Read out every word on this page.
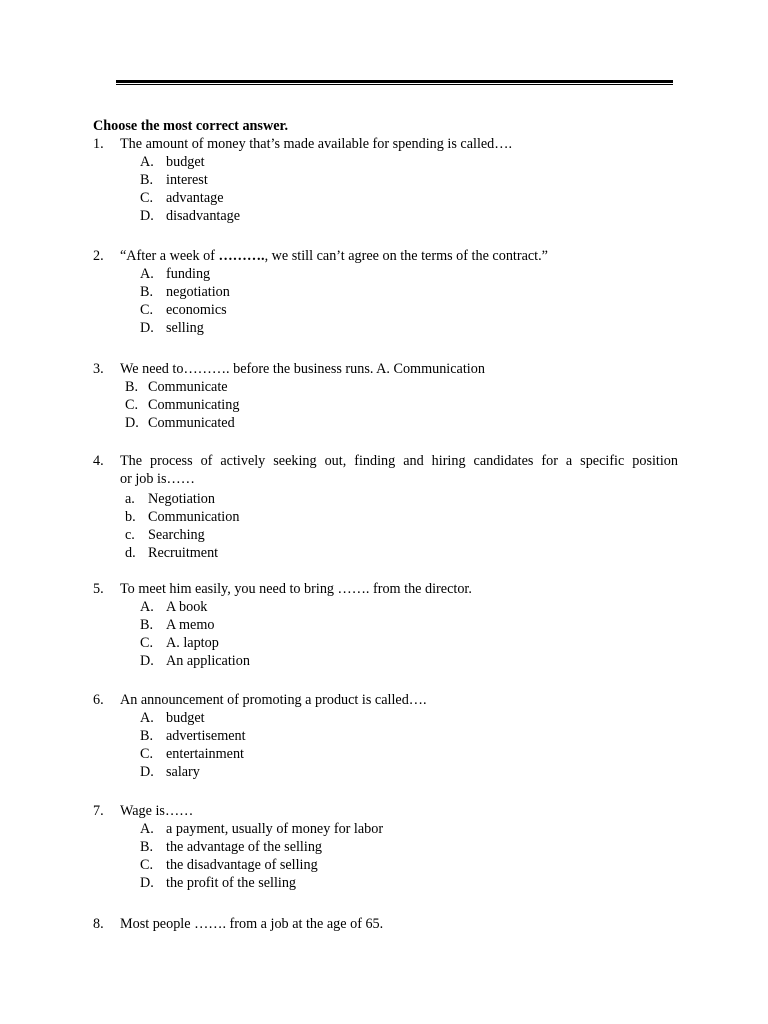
Choose the most correct answer.
1. The amount of money that’s made available for spending is called….
A. budget
B. interest
C. advantage
D. disadvantage
2. “After a week of ………., we still can’t agree on the terms of the contract.”
A. funding
B. negotiation
C. economics
D. selling
3. We need to………. before the business runs. A. Communication
B. Communicate
C. Communicating
D. Communicated
4. The process of actively seeking out, finding and hiring candidates for a specific position
or job is……
a. Negotiation
b. Communication
c. Searching
d. Recruitment
5. To meet him easily, you need to bring ……. from the director.
A. A book
B. A memo
C. A. laptop
D. An application
6. An announcement of promoting a product is called….
A. budget
B. advertisement
C. entertainment
D. salary
7. Wage is……
A. a payment, usually of money for labor
B. the advantage of the selling
C. the disadvantage of selling
D. the profit of the selling
8. Most people ……. from a job at the age of 65.
